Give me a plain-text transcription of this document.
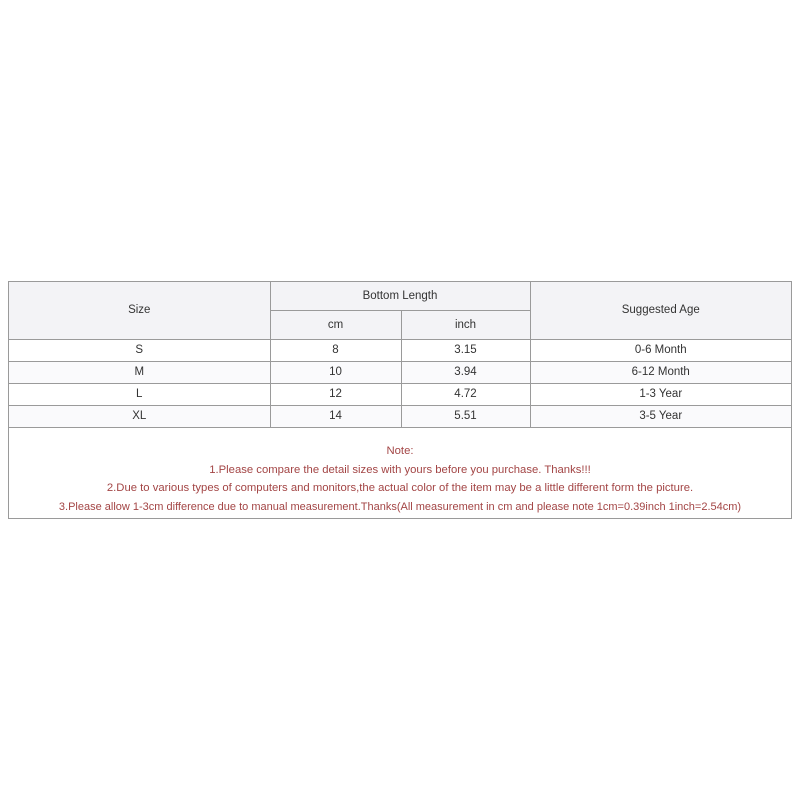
Size	Bottom Length		Suggested Age
	cm	inch	
S	8	3.15	0-6 Month
M	10	3.94	6-12 Month
L	12	4.72	1-3 Year
XL	14	5.51	3-5 Year
Note:
1.Please compare the detail sizes with yours before you purchase. Thanks!!!
2.Due to various types of computers and monitors,the actual color of the item may be a little different form the picture.
3.Please allow 1-3cm difference due to manual measurement.Thanks(All measurement in cm and please note 1cm=0.39inch 1inch=2.54cm)
